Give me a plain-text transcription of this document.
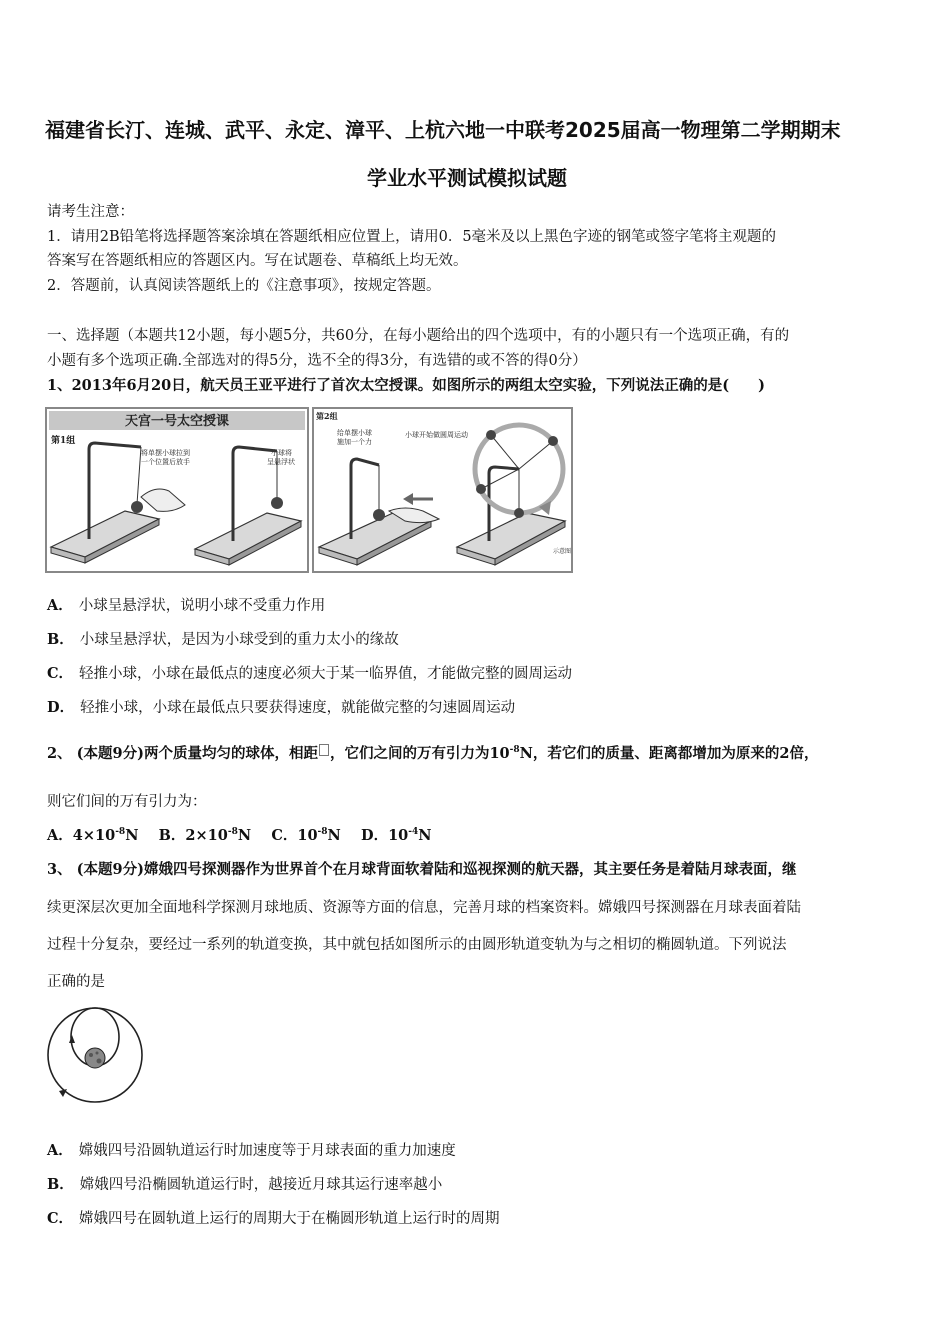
福建省长汀、连城、武平、永定、漳平、上杭六地一中联考2025届高一物理第二学期期末
学业水平测试模拟试题
请考生注意：
1．请用2B铅笔将选择题答案涂填在答题纸相应位置上，请用0．5毫米及以上黑色字迹的钢笔或签字笔将主观题的
答案写在答题纸相应的答题区内。写在试题卷、草稿纸上均无效。
2．答题前，认真阅读答题纸上的《注意事项》，按规定答题。
一、选择题（本题共12小题，每小题5分，共60分，在每小题给出的四个选项中，有的小题只有一个选项正确，有的
小题有多个选项正确.全部选对的得5分，选不全的得3分，有选错的或不答的得0分）
1、2013年6月20日，航天员王亚平进行了首次太空授课。如图所示的两组太空实验，下列说法正确的是(　　)
天宫一号太空授课
第1组
将单摆小球拉到
一个位置后放手
小球将
呈悬浮状
第2组
给单摆小球
施加一个力
小球开始做圆周运动
示意图
A． 小球呈悬浮状，说明小球不受重力作用
B． 小球呈悬浮状，是因为小球受到的重力太小的缘故
C． 轻推小球，小球在最低点的速度必须大于某一临界值，才能做完整的圆周运动
D． 轻推小球，小球在最低点只要获得速度，就能做完整的匀速圆周运动
2、 (本题9分)两个质量均匀的球体，相距 ，它们之间的万有引力为$10^{-8}N$，若它们的质量、距离都增加为原来的2倍，
则它们间的万有引力为：
A．$4\times 10^{-8}N$ B．$2\times 10^{-8}N$ C．$10^{-8}N$ D．$10^{-4}N$
3、 (本题9分)嫦娥四号探测器作为世界首个在月球背面软着陆和巡视探测的航天器，其主要任务是着陆月球表面，继
续更深层次更加全面地科学探测月球地质、资源等方面的信息，完善月球的档案资料。嫦娥四号探测器在月球表面着陆
过程十分复杂，要经过一系列的轨道变换，其中就包括如图所示的由圆形轨道变轨为与之相切的椭圆轨道。下列说法
正确的是
A． 嫦娥四号沿圆轨道运行时加速度等于月球表面的重力加速度
B． 嫦娥四号沿椭圆轨道运行时，越接近月球其运行速率越小
C． 嫦娥四号在圆轨道上运行的周期大于在椭圆形轨道上运行时的周期
